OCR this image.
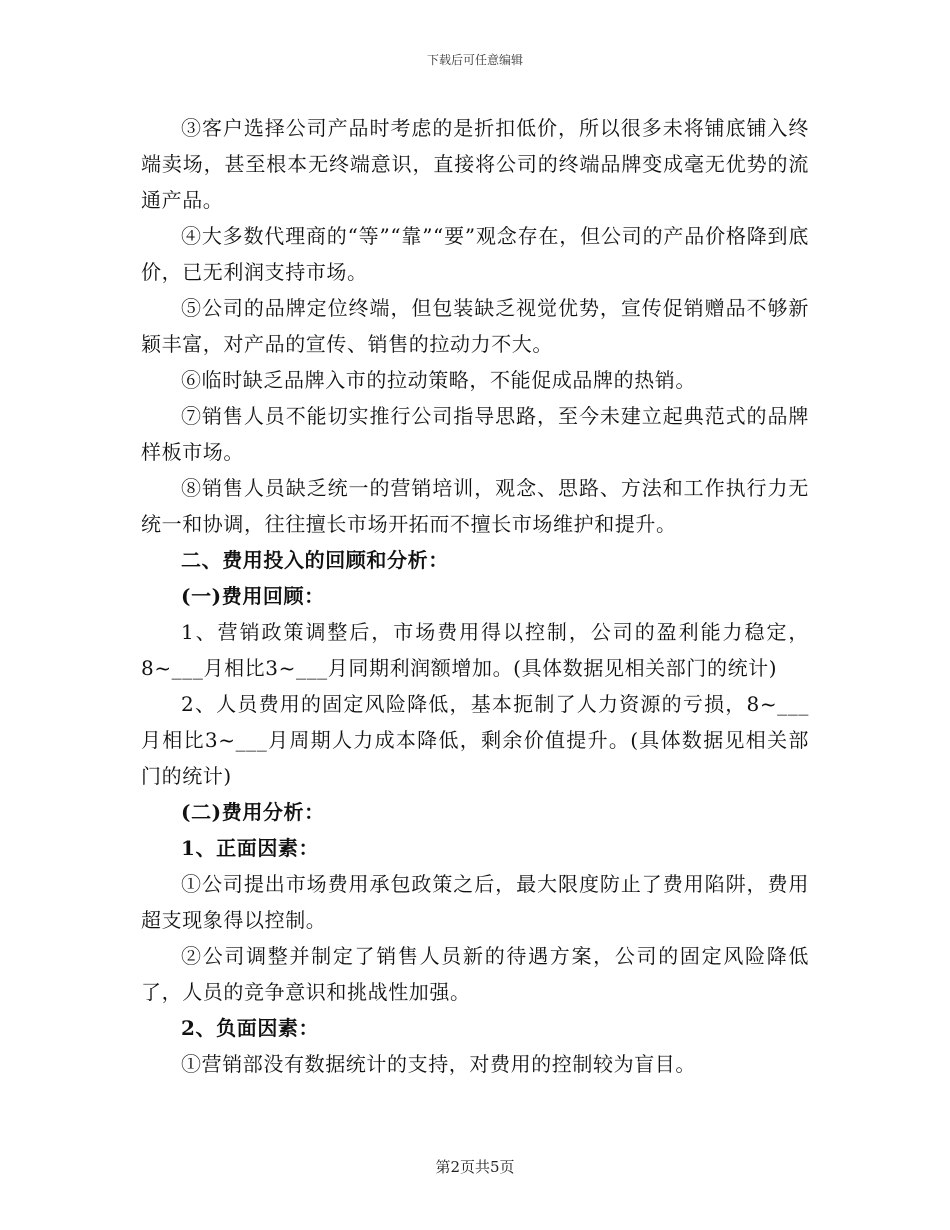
下载后可任意编辑

③客户选择公司产品时考虑的是折扣低价，所以很多未将铺底铺入终端卖场，甚至根本无终端意识，直接将公司的终端品牌变成毫无优势的流通产品。

④大多数代理商的“等”“靠”“要”观念存在，但公司的产品价格降到底价，已无利润支持市场。

⑤公司的品牌定位终端，但包装缺乏视觉优势，宣传促销赠品不够新颖丰富，对产品的宣传、销售的拉动力不大。

⑥临时缺乏品牌入市的拉动策略，不能促成品牌的热销。

⑦销售人员不能切实推行公司指导思路，至今未建立起典范式的品牌样板市场。

⑧销售人员缺乏统一的营销培训，观念、思路、方法和工作执行力无统一和协调，往往擅长市场开拓而不擅长市场维护和提升。

二、费用投入的回顾和分析：

(一)费用回顾：

1、营销政策调整后，市场费用得以控制，公司的盈利能力稳定，8~___月相比3~___月同期利润额增加。(具体数据见相关部门的统计)

2、人员费用的固定风险降低，基本扼制了人力资源的亏损，8~___月相比3~___月周期人力成本降低，剩余价值提升。(具体数据见相关部门的统计)

(二)费用分析：

1、正面因素：

①公司提出市场费用承包政策之后，最大限度防止了费用陷阱，费用超支现象得以控制。

②公司调整并制定了销售人员新的待遇方案，公司的固定风险降低了，人员的竞争意识和挑战性加强。

2、负面因素：

①营销部没有数据统计的支持，对费用的控制较为盲目。

第2页共5页
